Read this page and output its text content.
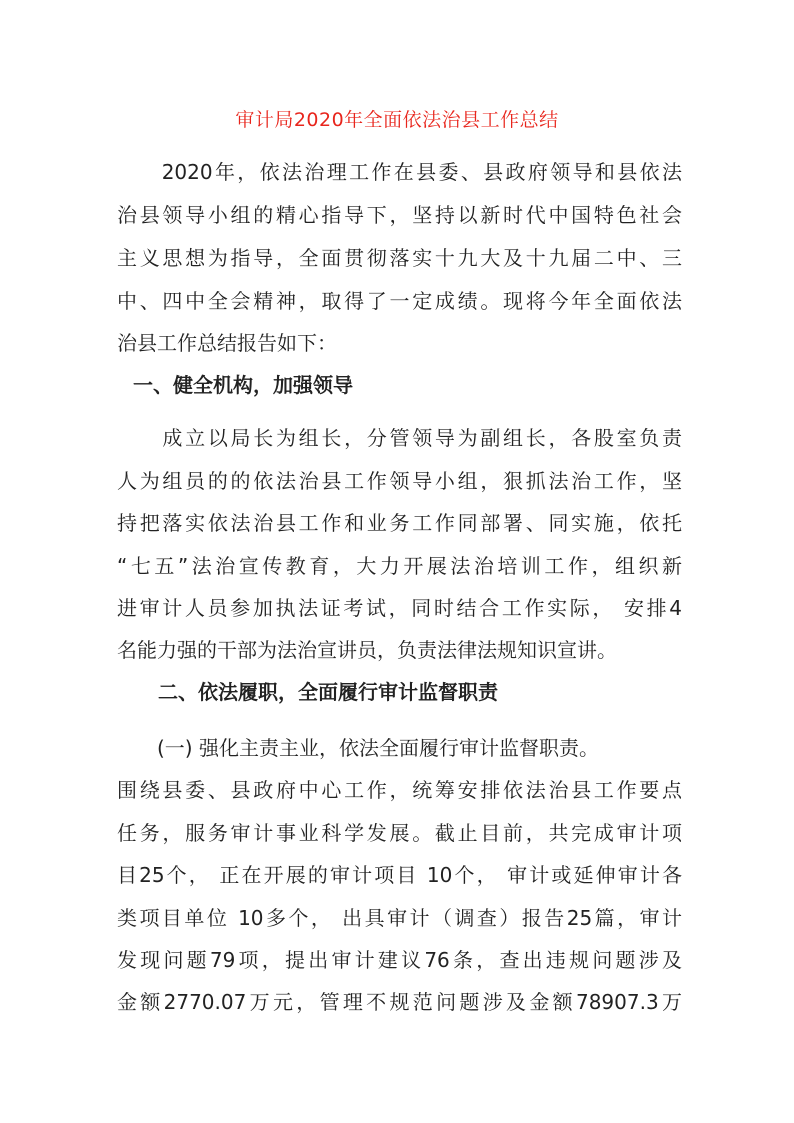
审计局2020年全面依法治县工作总结
　　2020年，依法治理工作在县委、县政府领导和县依法
治县领导小组的精心指导下，坚持以新时代中国特色社会
主义思想为指导，全面贯彻落实十九大及十九届二中、三
中、四中全会精神，取得了一定成绩。现将今年全面依法
治县工作总结报告如下：
一、健全机构，加强领导
　　成立以局长为组长，分管领导为副组长，各股室负责
人为组员的的依法治县工作领导小组，狠抓法治工作，坚
持把落实依法治县工作和业务工作同部署、同实施，依托
“七五”法治宣传教育，大力开展法治培训工作，组织新
进审计人员参加执法证考试，同时结合工作实际， 安排4
名能力强的干部为法治宣讲员，负责法律法规知识宣讲。
二、依法履职，全面履行审计监督职责
　　(一) 强化主责主业，依法全面履行审计监督职责。
围绕县委、县政府中心工作，统筹安排依法治县工作要点
任务，服务审计事业科学发展。截止目前，共完成审计项
目25个， 正在开展的审计项目 10个， 审计或延伸审计各
类项目单位 10多个， 出具审计（调查）报告25篇，审计
发现问题79项，提出审计建议76条，查出违规问题涉及
金额2770.07万元，管理不规范问题涉及金额78907.3万
